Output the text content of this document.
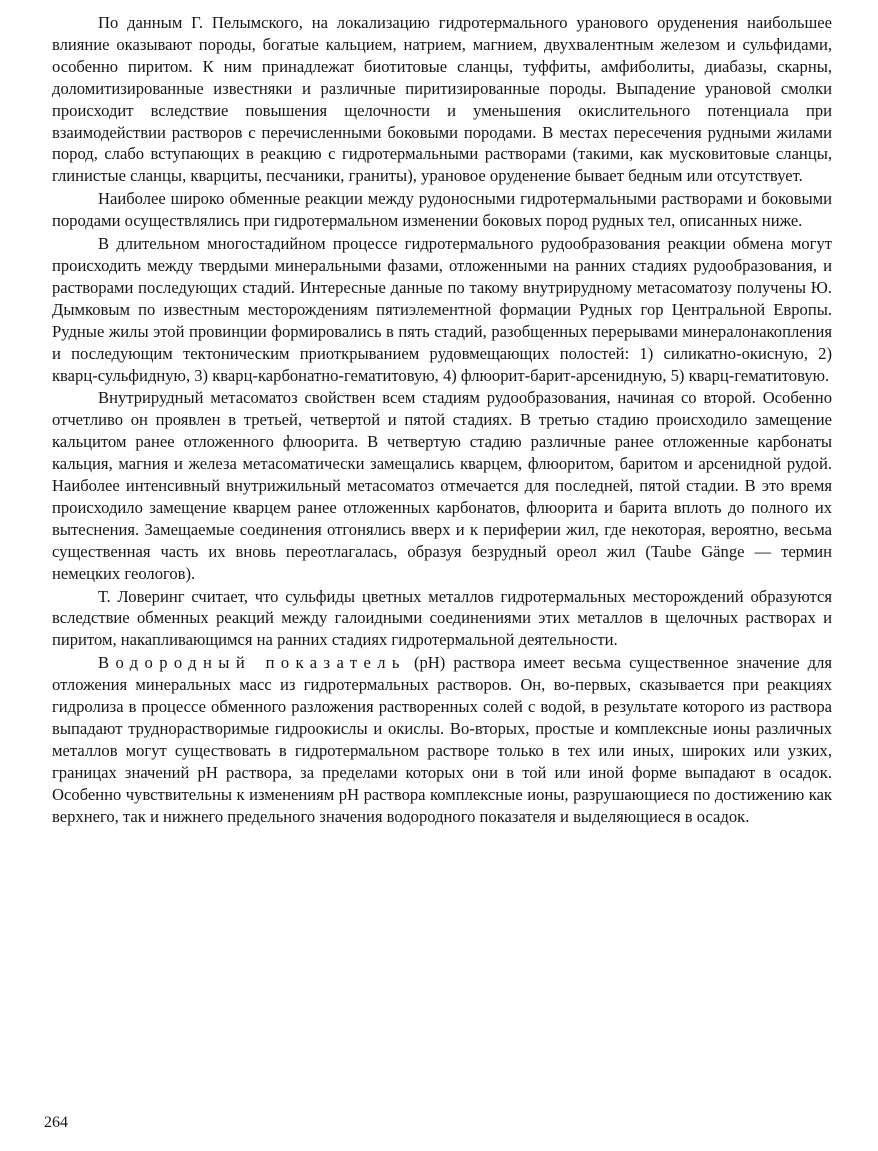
По данным Г. Пелымского, на локализацию гидротермального уранового оруденения наибольшее влияние оказывают породы, богатые кальцием, натрием, магнием, двухвалентным железом и сульфидами, особенно пиритом. К ним принадлежат биотитовые сланцы, туффиты, амфиболиты, диабазы, скарны, доломитизированные известняки и различные пиритизированные породы. Выпадение урановой смолки происходит вследствие повышения щелочности и уменьшения окислительного потенциала при взаимодействии растворов с перечисленными боковыми породами. В местах пересечения рудными жилами пород, слабо вступающих в реакцию с гидротермальными растворами (такими, как мусковитовые сланцы, глинистые сланцы, кварциты, песчаники, граниты), урановое оруденение бывает бедным или отсутствует.

Наиболее широко обменные реакции между рудоносными гидротермальными растворами и боковыми породами осуществлялись при гидротермальном изменении боковых пород рудных тел, описанных ниже.

В длительном многостадийном процессе гидротермального рудообразования реакции обмена могут происходить между твердыми минеральными фазами, отложенными на ранних стадиях рудообразования, и растворами последующих стадий. Интересные данные по такому внутрирудному метасоматозу получены Ю. Дымковым по известным месторождениям пятиэлементной формации Рудных гор Центральной Европы. Рудные жилы этой провинции формировались в пять стадий, разобщенных перерывами минералонакопления и последующим тектоническим приоткрыванием рудовмещающих полостей: 1) силикатно-окисную, 2) кварц-сульфидную, 3) кварц-карбонатно-гематитовую, 4) флюорит-барит-арсенидную, 5) кварц-гематитовую.

Внутрирудный метасоматоз свойствен всем стадиям рудообразования, начиная со второй. Особенно отчетливо он проявлен в третьей, четвертой и пятой стадиях. В третью стадию происходило замещение кальцитом ранее отложенного флюорита. В четвертую стадию различные ранее отложенные карбонаты кальция, магния и железа метасоматически замещались кварцем, флюоритом, баритом и арсенидной рудой. Наиболее интенсивный внутрижильный метасоматоз отмечается для последней, пятой стадии. В это время происходило замещение кварцем ранее отложенных карбонатов, флюорита и барита вплоть до полного их вытеснения. Замещаемые соединения отгонялись вверх и к периферии жил, где некоторая, вероятно, весьма существенная часть их вновь переотлагалась, образуя безрудный ореол жил (Taube Gänge — термин немецких геологов).

Т. Ловеринг считает, что сульфиды цветных металлов гидротермальных месторождений образуются вследствие обменных реакций между галоидными соединениями этих металлов в щелочных растворах и пиритом, накапливающимся на ранних стадиях гидротермальной деятельности.

Водородный показатель (pH) раствора имеет весьма существенное значение для отложения минеральных масс из гидротермальных растворов. Он, во-первых, сказывается при реакциях гидролиза в процессе обменного разложения растворенных солей с водой, в результате которого из раствора выпадают труднорастворимые гидроокислы и окислы. Во-вторых, простые и комплексные ионы различных металлов могут существовать в гидротермальном растворе только в тех или иных, широких или узких, границах значений pH раствора, за пределами которых они в той или иной форме выпадают в осадок. Особенно чувствительны к изменениям pH раствора комплексные ионы, разрушающиеся по достижению как верхнего, так и нижнего предельного значения водородного показателя и выделяющиеся в осадок.

264
